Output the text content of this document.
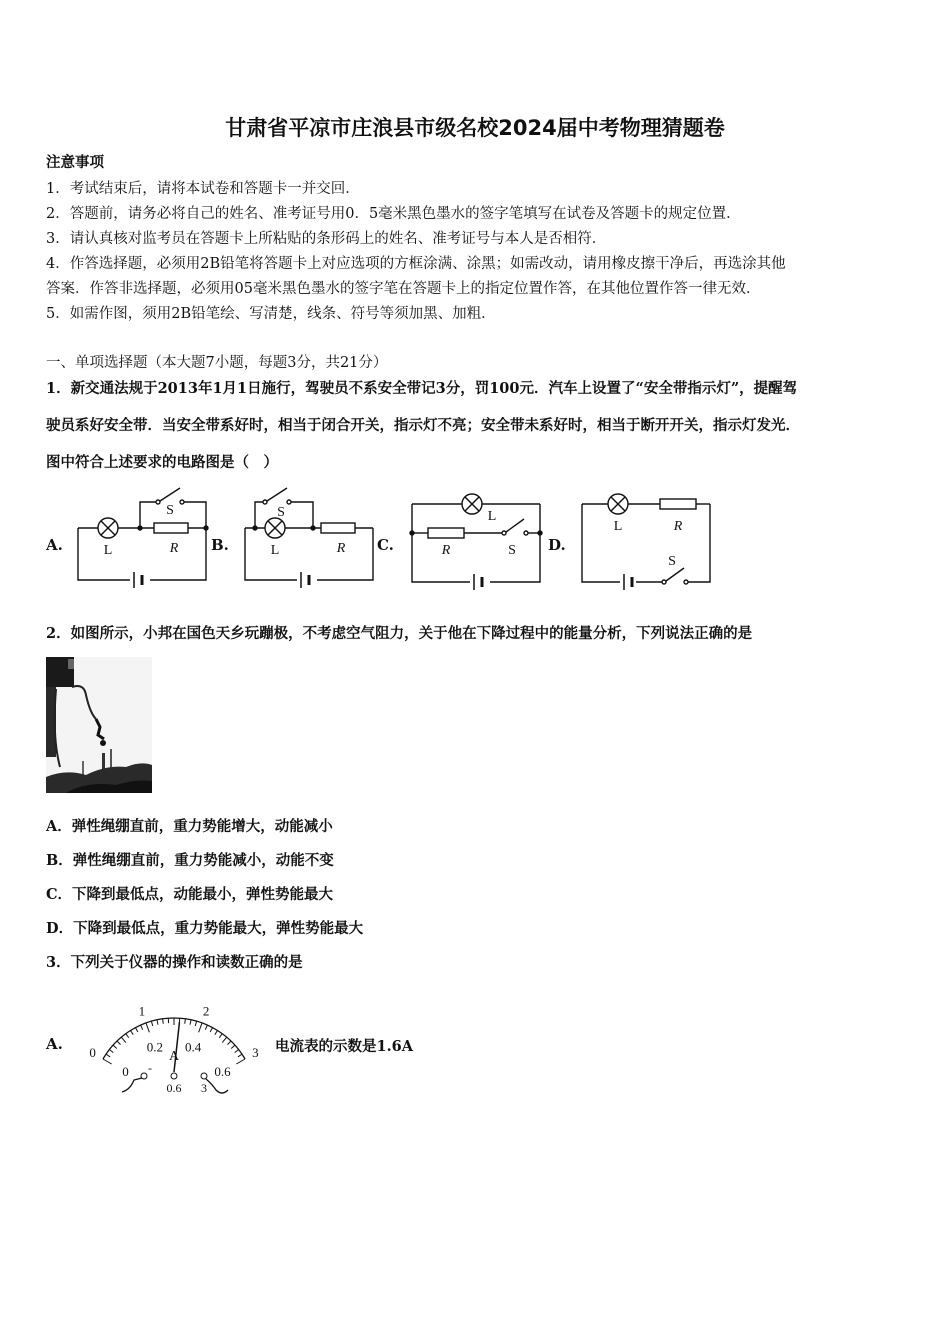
甘肃省平凉市庄浪县市级名校2024届中考物理猜题卷
注意事项
1．考试结束后，请将本试卷和答题卡一并交回．
2．答题前，请务必将自己的姓名、准考证号用0．5毫米黑色墨水的签字笔填写在试卷及答题卡的规定位置．
3．请认真核对监考员在答题卡上所粘贴的条形码上的姓名、准考证号与本人是否相符．
4．作答选择题，必须用2B铅笔将答题卡上对应选项的方框涂满、涂黑；如需改动，请用橡皮擦干净后，再选涂其他
答案．作答非选择题，必须用05毫米黑色墨水的签字笔在答题卡上的指定位置作答，在其他位置作答一律无效．
5．如需作图，须用2B铅笔绘、写清楚，线条、符号等须加黑、加粗．
一、单项选择题（本大题7小题，每题3分，共21分）
1．新交通法规于2013年1月1日施行，驾驶员不系安全带记3分，罚100元．汽车上设置了“安全带指示灯”，提醒驾
驶员系好安全带．当安全带系好时，相当于闭合开关，指示灯不亮；安全带未系好时，相当于断开开关，指示灯发光．
图中符合上述要求的电路图是（　）
A.	B.	C.	D.
L	R
S
L	R
S	L
R	S
L	R
S
2．如图所示，小邦在国色天乡玩蹦极，不考虑空气阻力，关于他在下降过程中的能量分析，下列说法正确的是
A．弹性绳绷直前，重力势能增大，动能减小
B．弹性绳绷直前，重力势能减小，动能不变
C．下降到最低点，动能最小，弹性势能最大
D．下降到最低点，重力势能最大，弹性势能最大
3．下列关于仪器的操作和读数正确的是
A. 0
1	2
3
0
0.2 0.4
0.6
A
-
0.6 3
电流表的示数是1.6A
